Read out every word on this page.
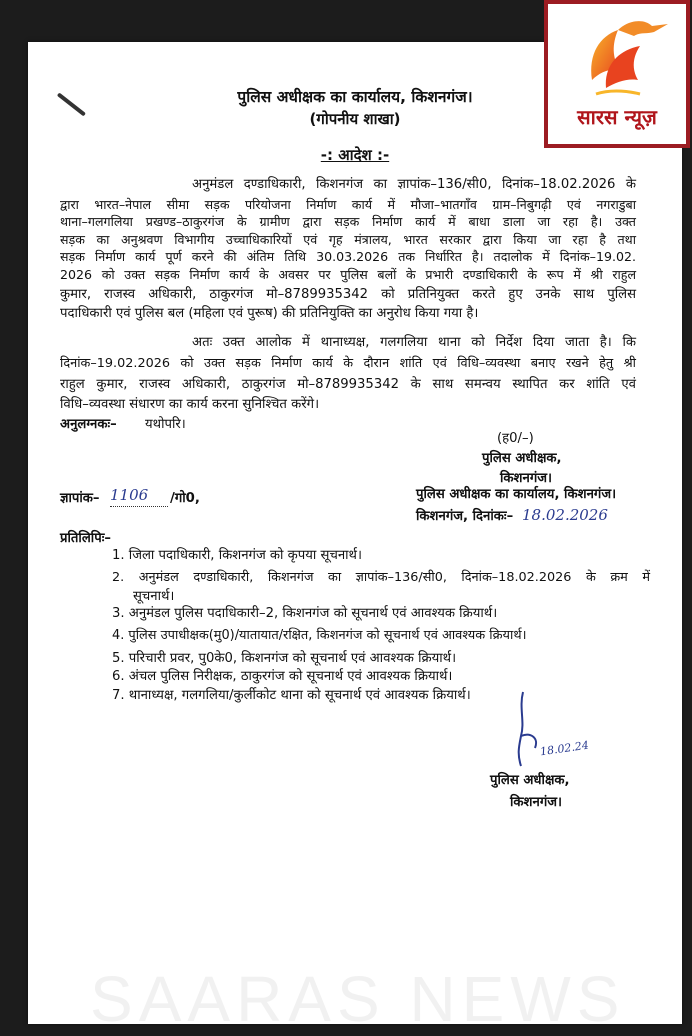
SAARAS NEWS
सारस न्यूज़
पुलिस अधीक्षक का कार्यालय, किशनगंज।
(गोपनीय शाखा)
-: आदेश :-
अनुमंडल दण्डाधिकारी, किशनगंज का ज्ञापांक–136/सी0, दिनांक–18.02.2026 के
द्वारा भारत–नेपाल सीमा सड़क परियोजना निर्माण कार्य में मौजा–भातगाँव ग्राम–निबुगढ़ी एवं नगराडुबा
थाना–गलगलिया प्रखण्ड–ठाकुरगंज के ग्रामीण द्वारा सड़क निर्माण कार्य में बाधा डाला जा रहा है। उक्त
सड़क का अनुश्रवण विभागीय उच्चाधिकारियों एवं गृह मंत्रालय, भारत सरकार द्वारा किया जा रहा है तथा
सड़क निर्माण कार्य पूर्ण करने की अंतिम तिथि 30.03.2026 तक निर्धारित है। तदालोक में दिनांक–19.02.
2026 को उक्त सड़क निर्माण कार्य के अवसर पर पुलिस बलों के प्रभारी दण्डाधिकारी के रूप में श्री राहुल
कुमार, राजस्व अधिकारी, ठाकुरगंज मो–8789935342 को प्रतिनियुक्त करते हुए उनके साथ पुलिस
पदाधिकारी एवं पुलिस बल (महिला एवं पुरूष) की प्रतिनियुक्ति का अनुरोध किया गया है।
अतः उक्त आलोक में थानाध्यक्ष, गलगलिया थाना को निर्देश दिया जाता है। कि
दिनांक–19.02.2026 को उक्त सड़क निर्माण कार्य के दौरान शांति एवं विधि–व्यवस्था बनाए रखने हेतु श्री
राहुल कुमार, राजस्व अधिकारी, ठाकुरगंज मो–8789935342 के साथ समन्वय स्थापित कर शांति एवं
विधि–व्यवस्था संधारण का कार्य करना सुनिश्चित करेंगे।
अनुलग्नकः– यथोपरि।
(ह0/–)
पुलिस अधीक्षक,
किशनगंज।
ज्ञापांक– 1106	/गो0,	पुलिस अधीक्षक का कार्यालय, किशनगंज।
किशनगंज, दिनांकः– 18.02.2026
प्रतिलिपिः–
1. जिला पदाधिकारी, किशनगंज को कृपया सूचनार्थ।
2. अनुमंडल दण्डाधिकारी, किशनगंज का ज्ञापांक–136/सी0, दिनांक–18.02.2026 के क्रम में
सूचनार्थ।
3. अनुमंडल पुलिस पदाधिकारी–2, किशनगंज को सूचनार्थ एवं आवश्यक क्रियार्थ।
4. पुलिस उपाधीक्षक(मु0)/यातायात/रक्षित, किशनगंज को सूचनार्थ एवं आवश्यक क्रियार्थ।
5. परिचारी प्रवर, पु0के0, किशनगंज को सूचनार्थ एवं आवश्यक क्रियार्थ।
6. अंचल पुलिस निरीक्षक, ठाकुरगंज को सूचनार्थ एवं आवश्यक क्रियार्थ।
7. थानाध्यक्ष, गलगलिया/कुर्लीकोट थाना को सूचनार्थ एवं आवश्यक क्रियार्थ।
18.02.24
पुलिस अधीक्षक,
किशनगंज।
